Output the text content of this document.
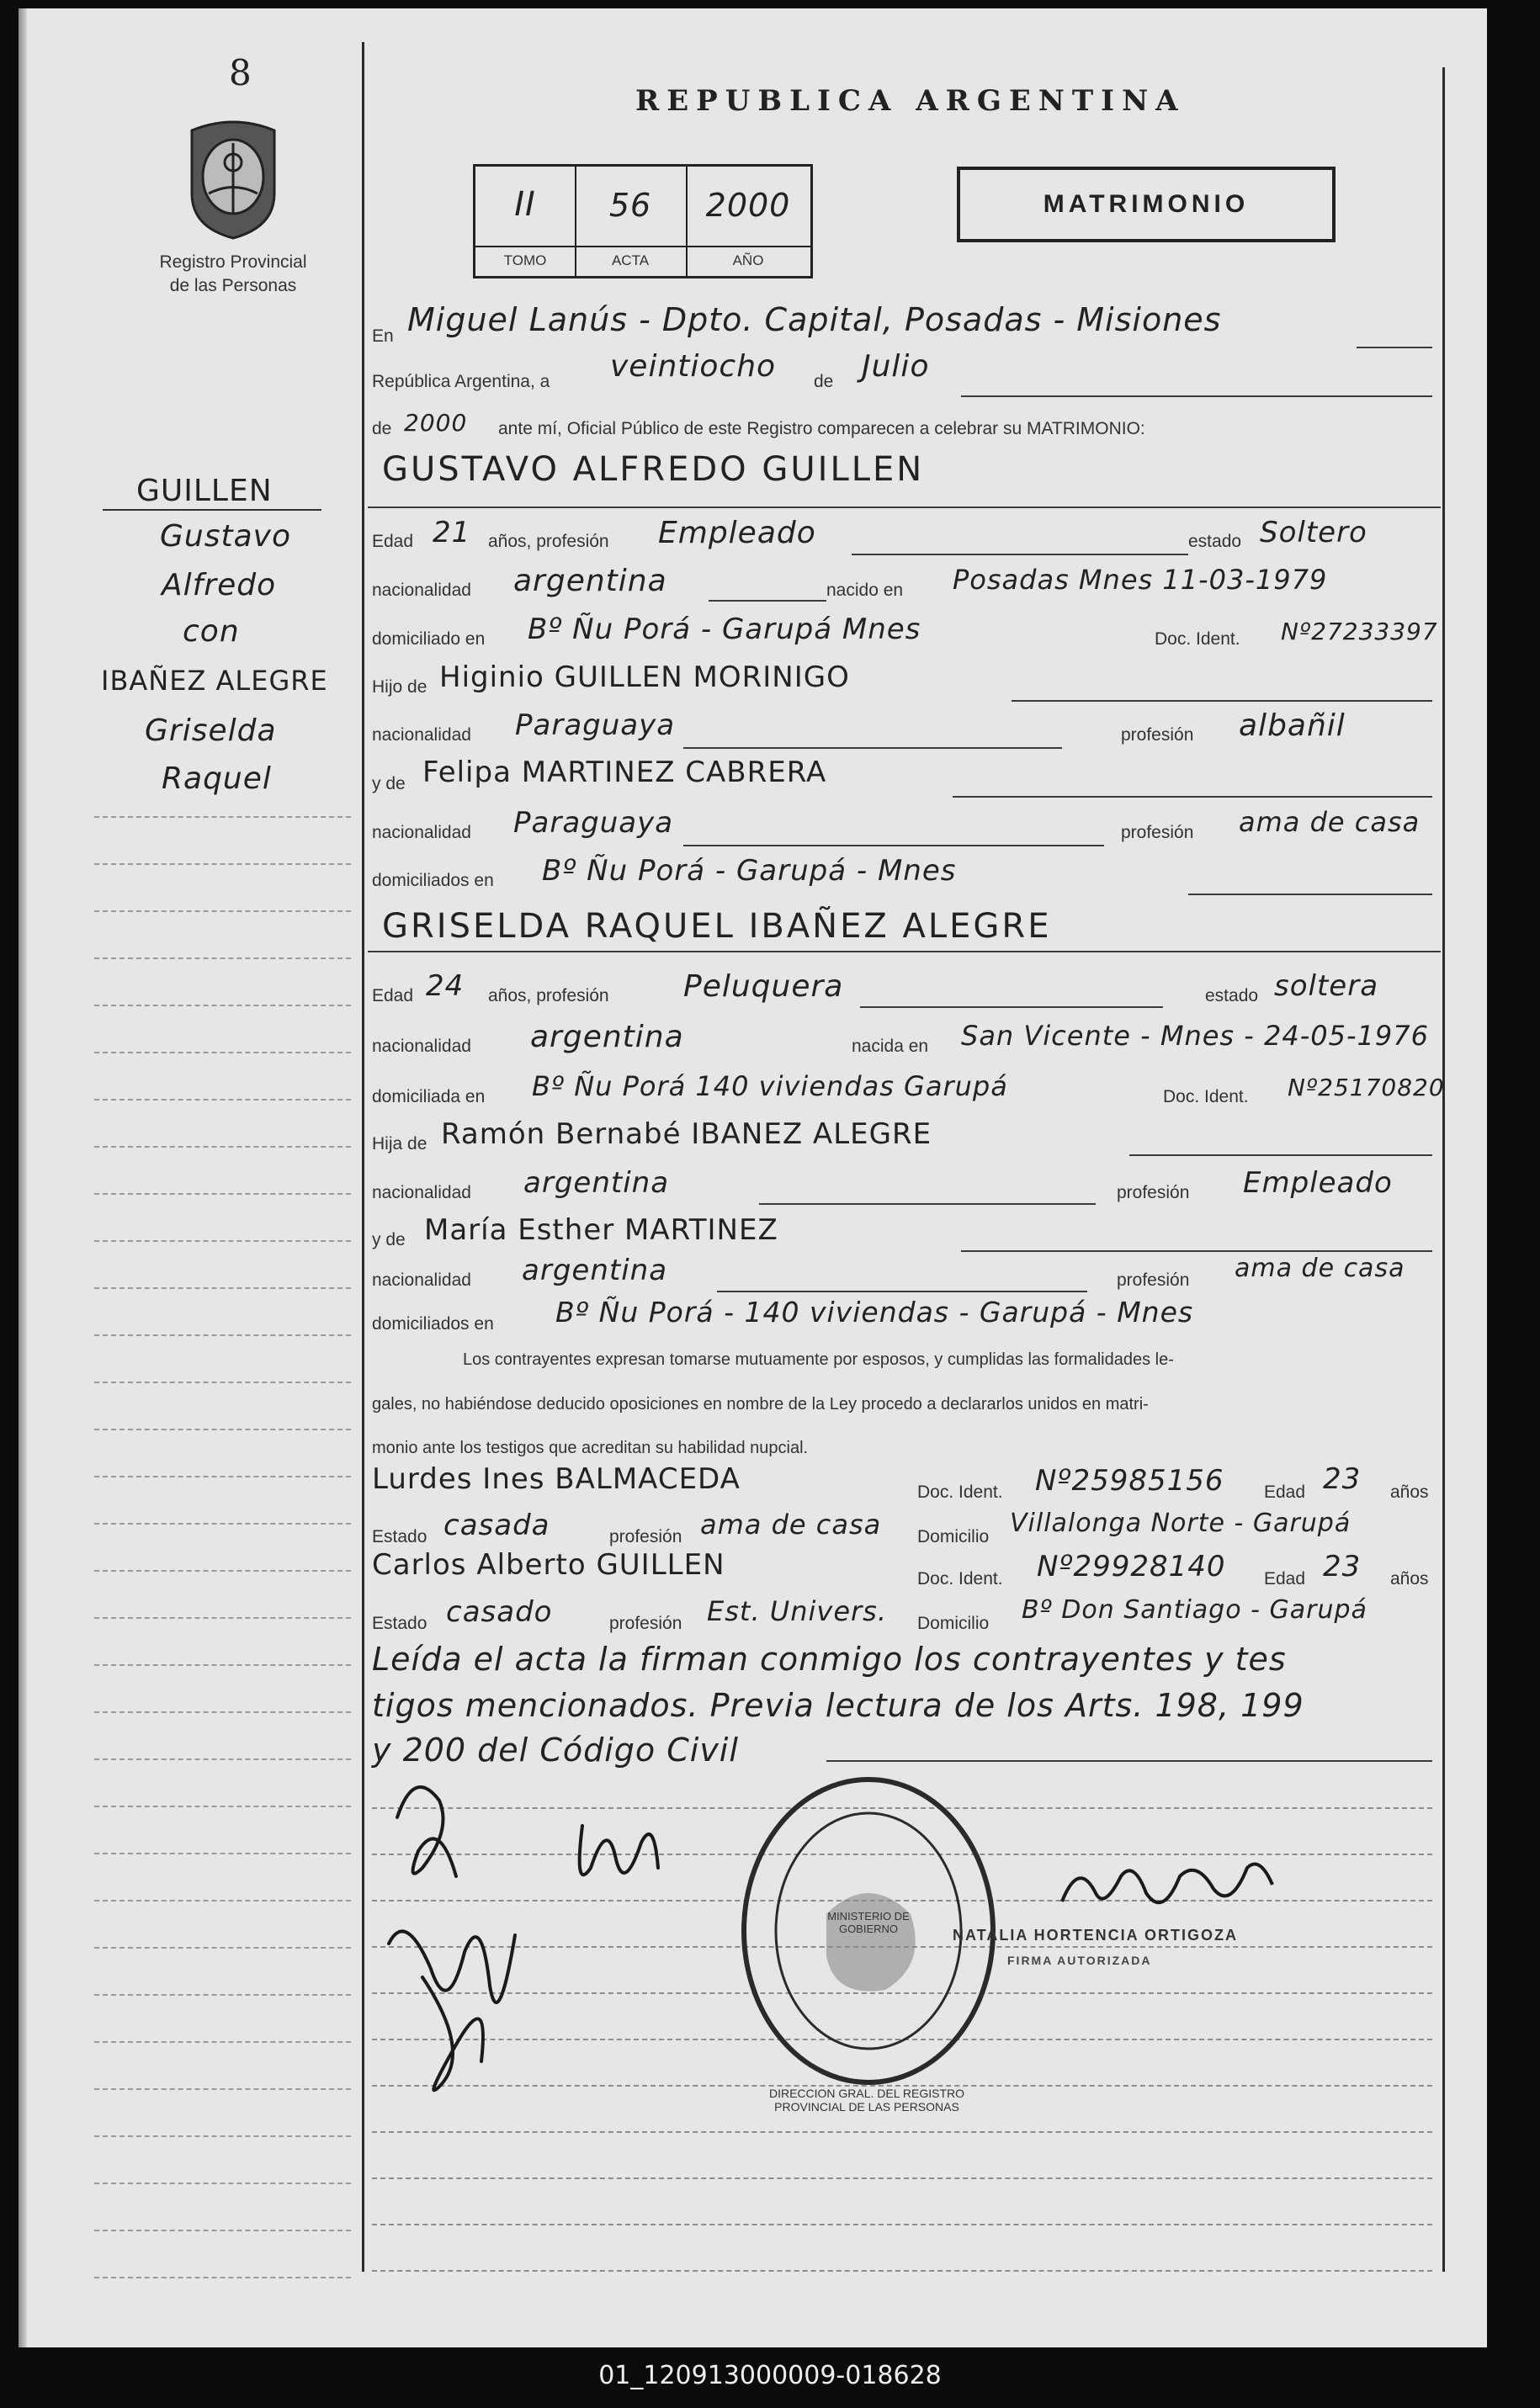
8
Registro Provincial
de las Personas
GUILLEN
Gustavo
Alfredo
con
IBAÑEZ ALEGRE
Griselda
Raquel
REPUBLICA ARGENTINA
II
TOMO
56
ACTA
2000
AÑO
MATRIMONIO
En Miguel Lanús - Dpto. Capital, Posadas - Misiones
República Argentina, a veintiocho de Julio
de 2000 ante mí, Oficial Público de este Registro comparecen a celebrar su MATRIMONIO:
GUSTAVO ALFREDO GUILLEN
Edad 21 años, profesión Empleado	estado Soltero
nacionalidad argentina	nacido en Posadas Mnes 11-03-1979
domiciliado en Bº Ñu Porá - Garupá Mnes	Doc. Ident. Nº27233397
Hijo de Higinio GUILLEN MORINIGO
nacionalidad Paraguaya	profesión albañil
y de Felipa MARTINEZ CABRERA
nacionalidad Paraguaya	profesión ama de casa
domiciliados en Bº Ñu Porá - Garupá - Mnes
GRISELDA RAQUEL IBAÑEZ ALEGRE
Edad 24 años, profesión Peluquera	estado soltera
nacionalidad argentina	nacida en San Vicente - Mnes - 24-05-1976
domiciliada en Bº Ñu Porá 140 viviendas Garupá	Doc. Ident. Nº25170820
Hija de Ramón Bernabé IBANEZ ALEGRE
nacionalidad argentina	profesión Empleado
y de María Esther MARTINEZ
nacionalidad argentina	profesión ama de casa
domiciliados en Bº Ñu Porá - 140 viviendas - Garupá - Mnes
Los contrayentes expresan tomarse mutuamente por esposos, y cumplidas las formalidades le-
gales, no habiéndose deducido oposiciones en nombre de la Ley procedo a declararlos unidos en matri-
monio ante los testigos que acreditan su habilidad nupcial.
Lurdes Ines BALMACEDA	Doc. Ident. Nº25985156 Edad 23 años
Estado casada	profesión ama de casa Domicilio Villalonga Norte - Garupá
Carlos Alberto GUILLEN	Doc. Ident. Nº29928140 Edad 23 años
Estado casado	profesión Est. Univers. Domicilio Bº Don Santiago - Garupá
Leída el acta la firman conmigo los contrayentes y tes
tigos mencionados. Previa lectura de los Arts. 198, 199
y 200 del Código Civil
DIRECCION GRAL. DEL REGISTRO PROVINCIAL DE LAS PERSONAS
MINISTERIO DE GOBIERNO	NATALIA HORTENCIA ORTIGOZA
FIRMA AUTORIZADA
01_120913000009-018628
